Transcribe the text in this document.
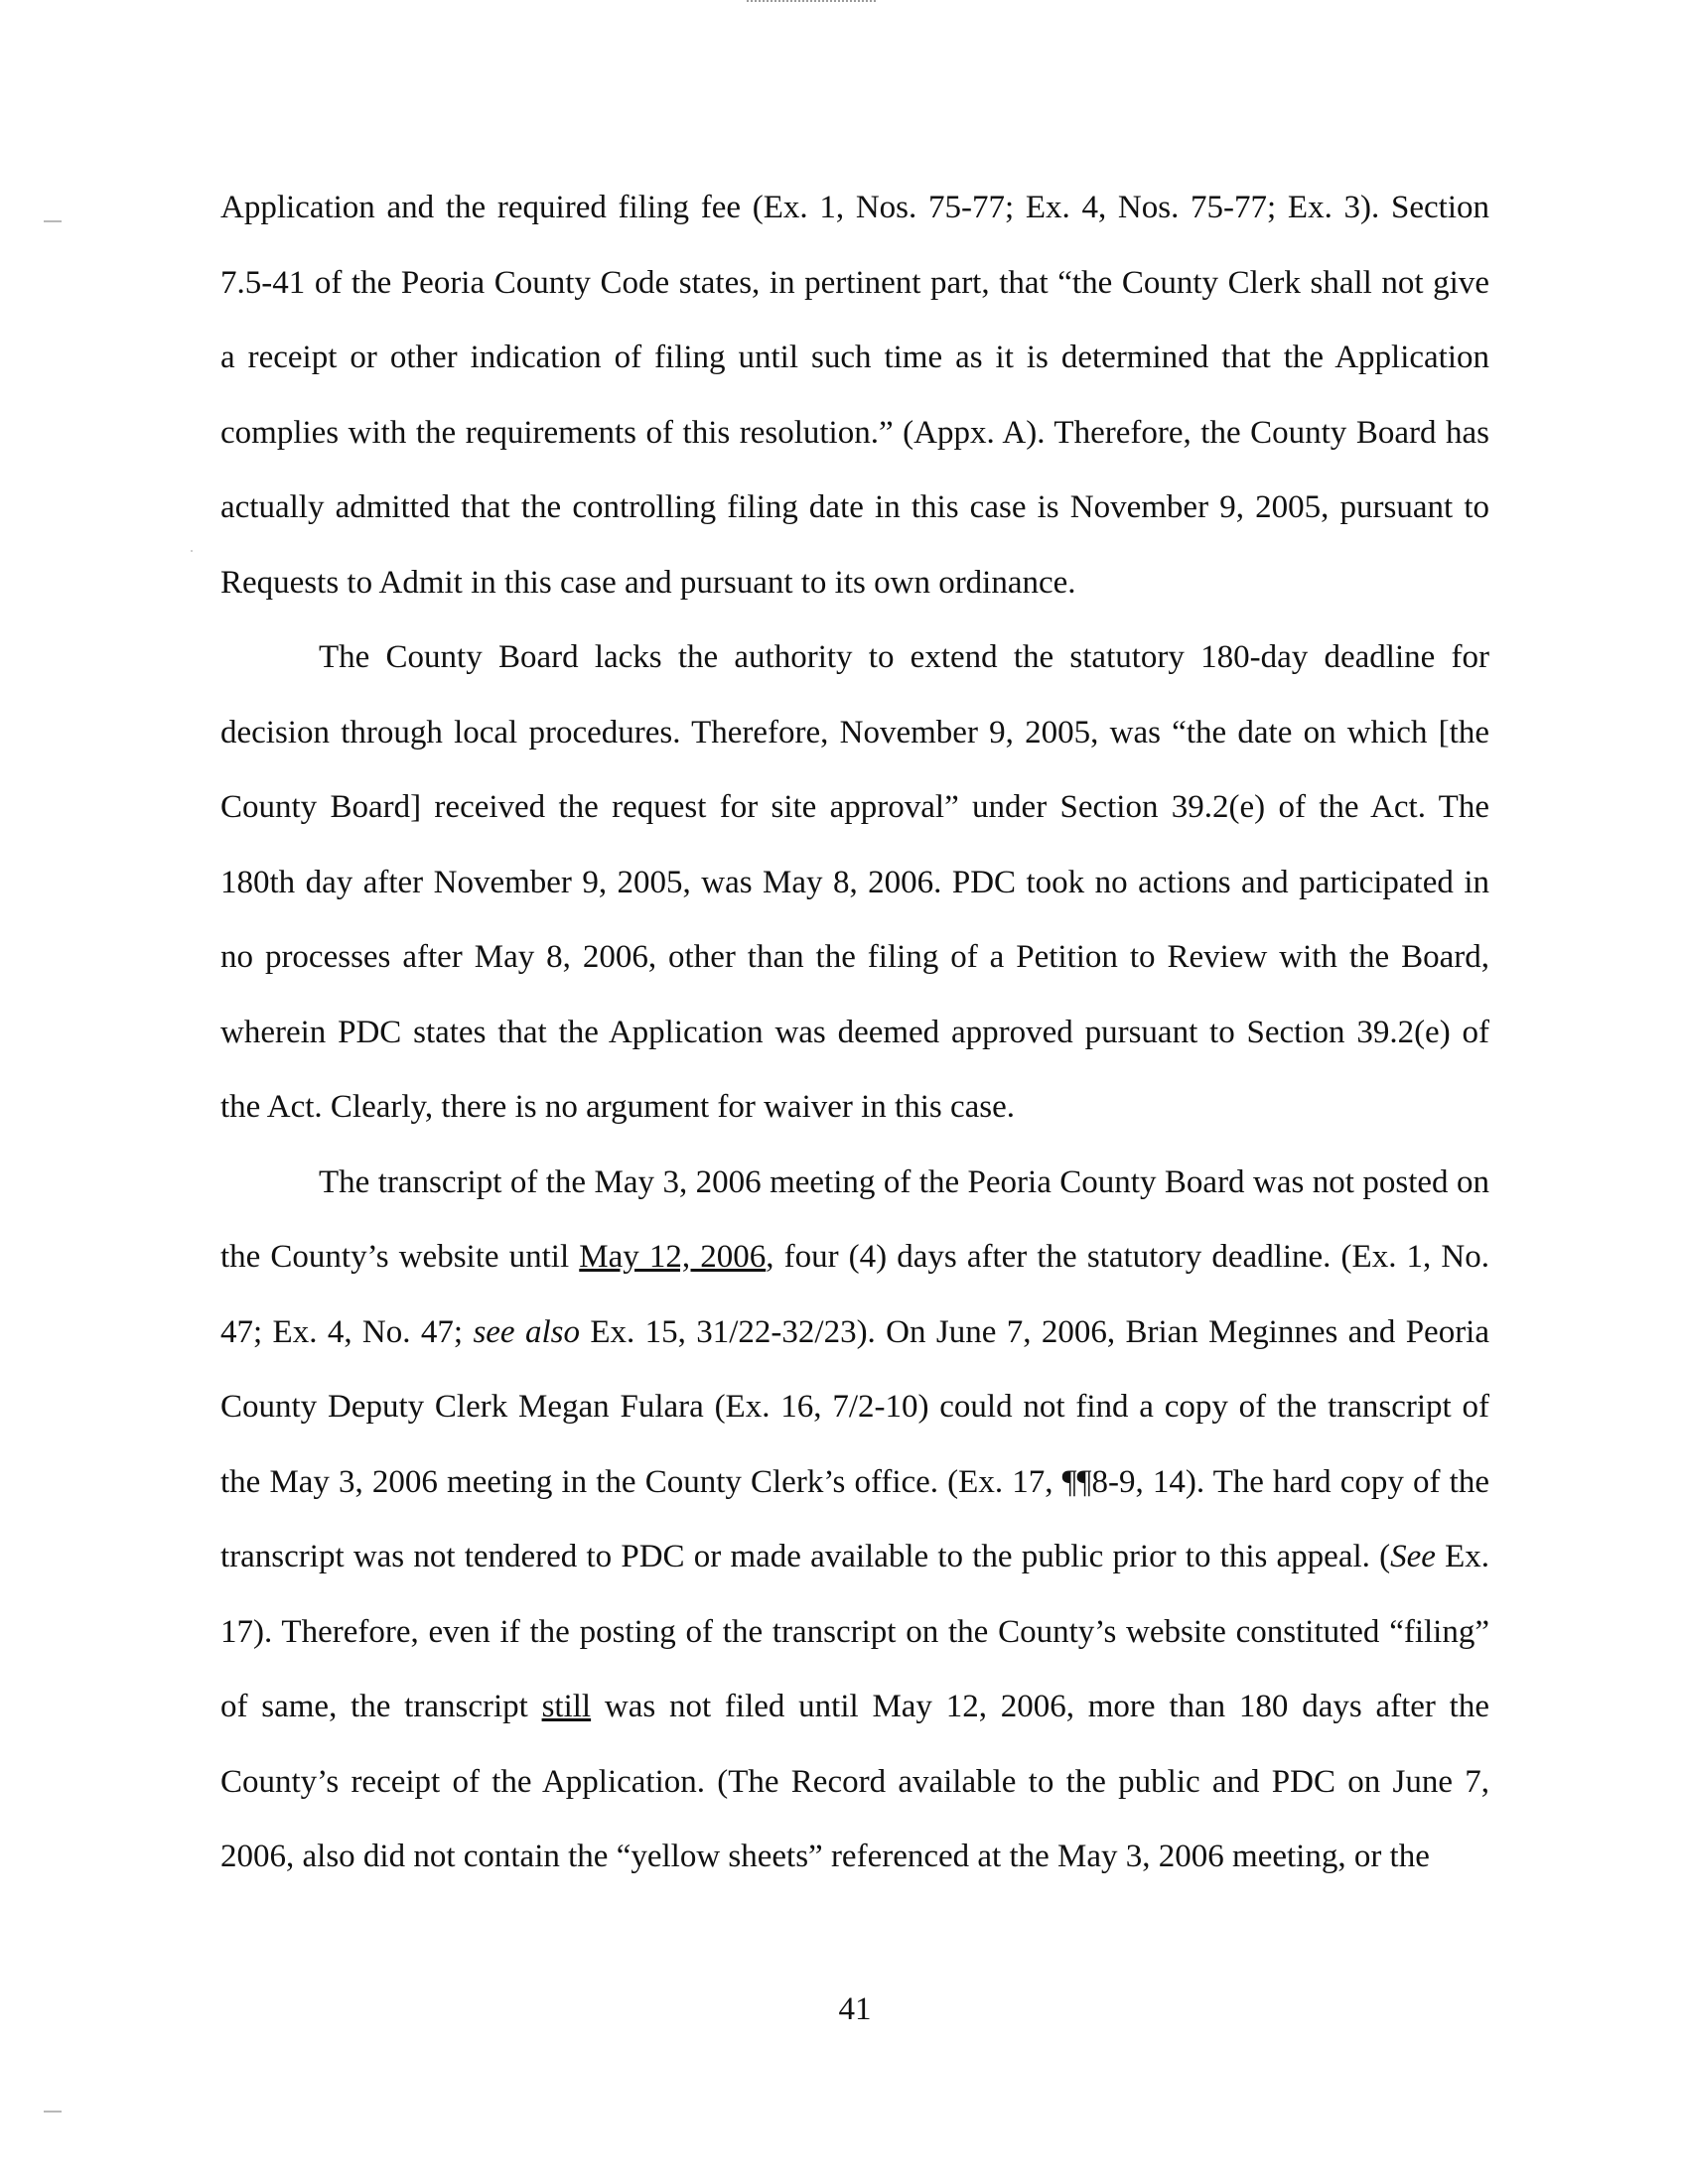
Application and the required filing fee (Ex. 1, Nos. 75-77; Ex. 4, Nos. 75-77; Ex. 3). Section 7.5-41 of the Peoria County Code states, in pertinent part, that “the County Clerk shall not give a receipt or other indication of filing until such time as it is determined that the Application complies with the requirements of this resolution.” (Appx. A). Therefore, the County Board has actually admitted that the controlling filing date in this case is November 9, 2005, pursuant to Requests to Admit in this case and pursuant to its own ordinance.

The County Board lacks the authority to extend the statutory 180-day deadline for decision through local procedures. Therefore, November 9, 2005, was “the date on which [the County Board] received the request for site approval” under Section 39.2(e) of the Act. The 180th day after November 9, 2005, was May 8, 2006. PDC took no actions and participated in no processes after May 8, 2006, other than the filing of a Petition to Review with the Board, wherein PDC states that the Application was deemed approved pursuant to Section 39.2(e) of the Act. Clearly, there is no argument for waiver in this case.

The transcript of the May 3, 2006 meeting of the Peoria County Board was not posted on the County’s website until May 12, 2006, four (4) days after the statutory deadline. (Ex. 1, No. 47; Ex. 4, No. 47; see also Ex. 15, 31/22-32/23). On June 7, 2006, Brian Meginnes and Peoria County Deputy Clerk Megan Fulara (Ex. 16, 7/2-10) could not find a copy of the transcript of the May 3, 2006 meeting in the County Clerk’s office. (Ex. 17, ¶¶8-9, 14). The hard copy of the transcript was not tendered to PDC or made available to the public prior to this appeal. (See Ex. 17). Therefore, even if the posting of the transcript on the County’s website constituted “filing” of same, the transcript still was not filed until May 12, 2006, more than 180 days after the County’s receipt of the Application. (The Record available to the public and PDC on June 7, 2006, also did not contain the “yellow sheets” referenced at the May 3, 2006 meeting, or the

41
